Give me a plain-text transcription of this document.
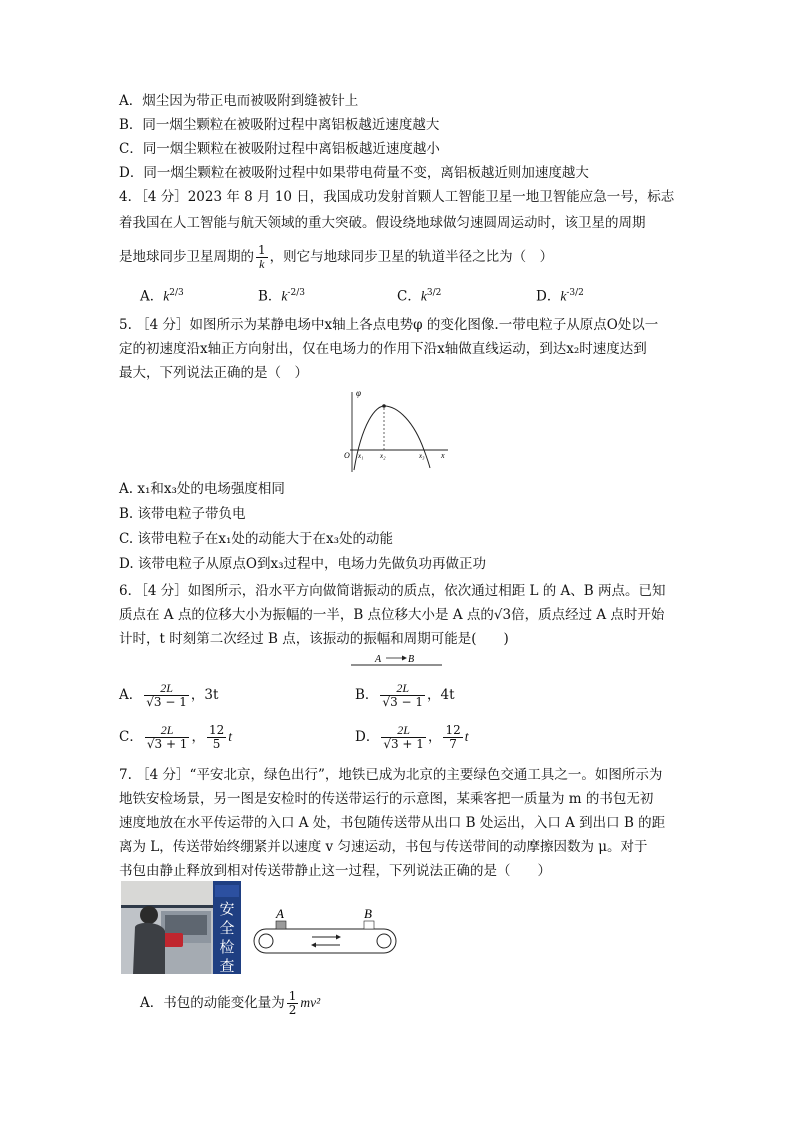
A．烟尘因为带正电而被吸附到缝被针上
B．同一烟尘颗粒在被吸附过程中离铝板越近速度越大
C．同一烟尘颗粒在被吸附过程中离铝板越近速度越小
D．同一烟尘颗粒在被吸附过程中如果带电荷量不变，离铝板越近则加速度越大
4．［4 分］2023 年 8 月 10 日，我国成功发射首颗人工智能卫星一地卫智能应急一号，标志
着我国在人工智能与航天领域的重大突破。假设绕地球做匀速圆周运动时，该卫星的周期
是地球同步卫星周期的 $\frac{1}{k}$ ，则它与地球同步卫星的轨道半径之比为（　）
A．$k^{2/3}$	B．$k^{-2/3}$	C．$k^{3/2}$	D．$k^{-3/2}$
5. ［4 分］如图所示为某静电场中x轴上各点电势φ 的变化图像.一带电粒子从原点O处以一
定的初速度沿x轴正方向射出，仅在电场力的作用下沿x轴做直线运动，到达x₂时速度达到
最大，下列说法正确的是（　）
φ
O x₁ x₂	x₃ x
A. x₁和x₃处的电场强度相同
B. 该带电粒子带负电
C. 该带电粒子在x₁处的动能大于在x₃处的动能
D. 该带电粒子从原点O到x₃过程中，电场力先做负功再做正功
6．［4 分］如图所示，沿水平方向做简谐振动的质点，依次通过相距 L 的 A、B 两点。已知
质点在 A 点的位移大小为振幅的一半，B 点位移大小是 A 点的√3倍，质点经过 A 点时开始
计时，t 时刻第二次经过 B 点，该振动的振幅和周期可能是(　　)
A	B
A． $\frac{2L}{√3 - 1}$ ，3t	B． $\frac{2L}{√3 - 1}$ ，4t
C． $\frac{2L}{√3 + 1}$ ， $\frac{12}{5}$ t	D． $\frac{2L}{√3 + 1}$ ， $\frac{12}{7}$ t
7. ［4 分］“平安北京，绿色出行”，地铁已成为北京的主要绿色交通工具之一。如图所示为
地铁安检场景，另一图是安检时的传送带运行的示意图，某乘客把一质量为 m 的书包无初
速度地放在水平传运带的入口 A 处，书包随传送带从出口 B 处运出，入口 A 到出口 B 的距
离为 L，传送带始终绷紧并以速度 v 匀速运动，书包与传送带间的动摩擦因数为 μ。对于
书包由静止释放到相对传送带静止这一过程，下列说法正确的是（　　）
安
全
检
查
A	B
A．书包的动能变化量为 $\frac{1}{2} mv^2$
